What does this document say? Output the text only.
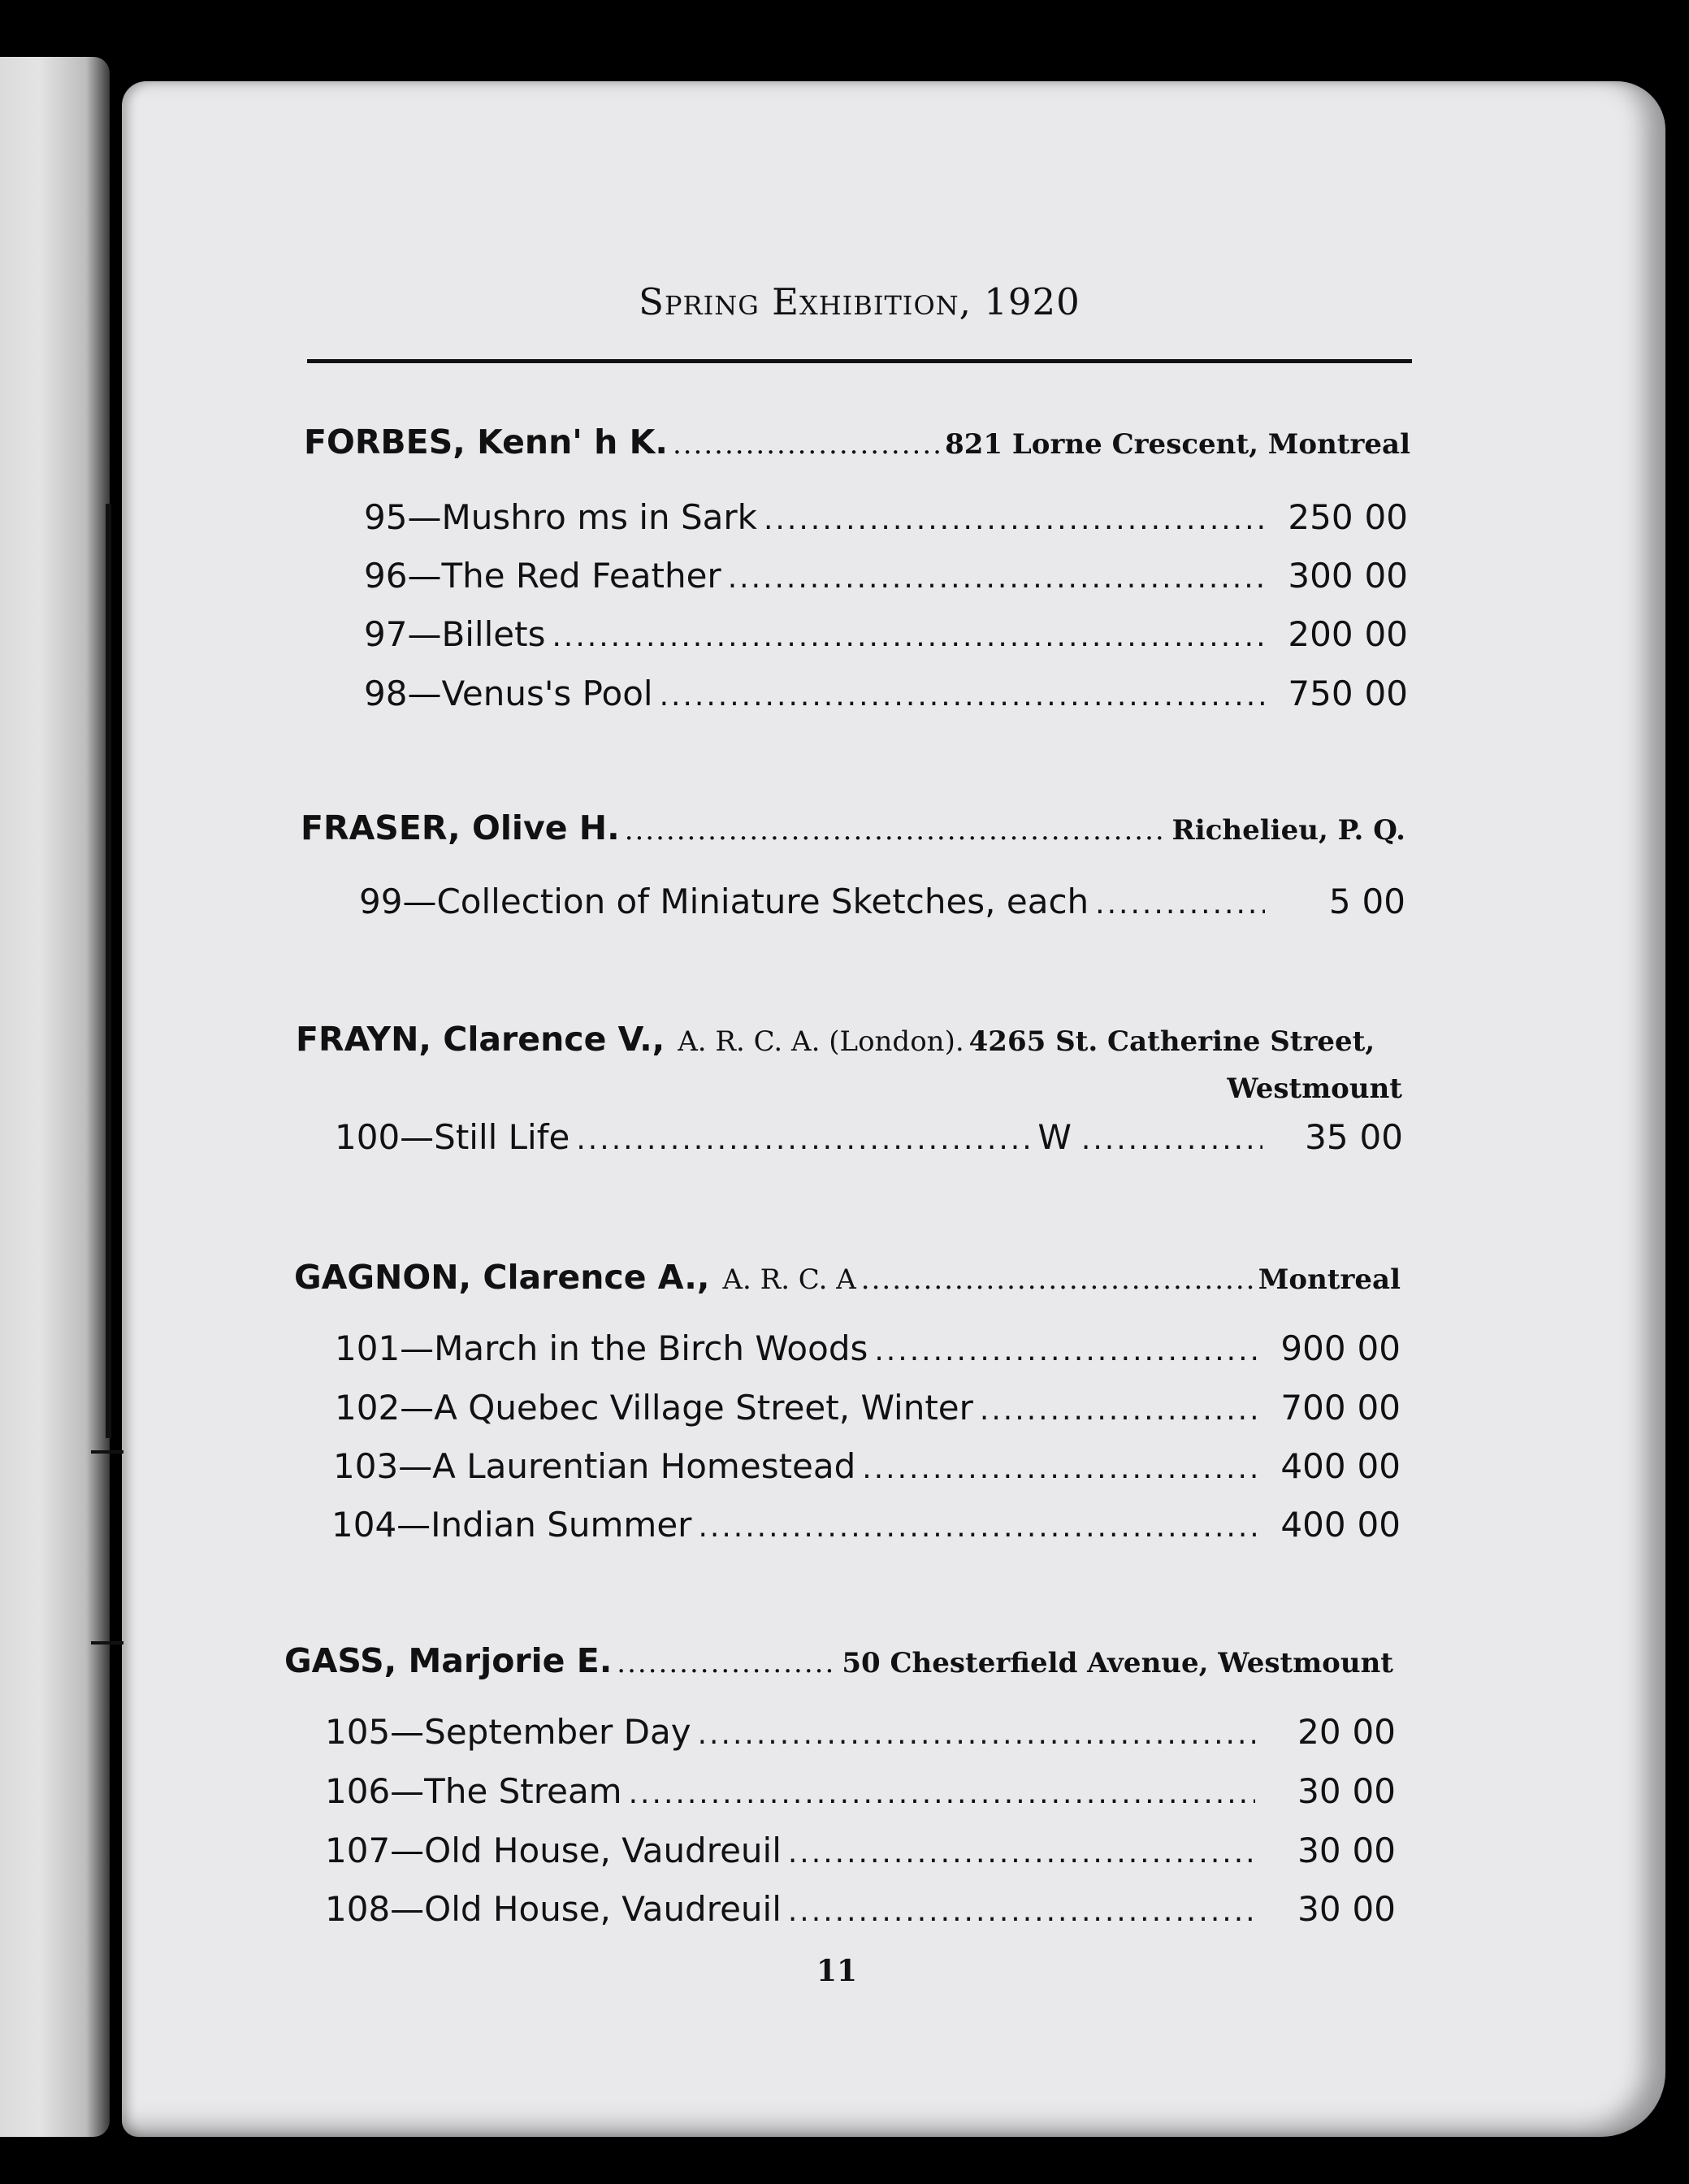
Spring Exhibition, 1920
FORBES, Kenn' h K. .....	821 Lorne Crescent, Montreal
95 — Mushro ms in Sark .....	250 00
96 — The Red Feather .....	300 00
97 — Billets .....	200 00
98 — Venus's Pool .....	750 00
FRASER, Olive H. .....	Richelieu, P. Q.
99 — Collection of Miniature Sketches, each .....	5 00
FRAYN, Clarence V., A. R. C. A. (London). 4265 St. Catherine Street,
Westmount
100 — Still Life .....	W .....	35 00
GAGNON, Clarence A., A. R. C. A .....	Montreal
101 — March in the Birch Woods .....	900 00
102 — A Quebec Village Street, Winter .....	700 00
103 — A Laurentian Homestead .....	400 00
104 — Indian Summer .....	400 00
GASS, Marjorie E. .....	50 Chesterfield Avenue, Westmount
105 — September Day .....	20 00
106 — The Stream .....	30 00
107 — Old House, Vaudreuil .....	30 00
108 — Old House, Vaudreuil .....	30 00
11
